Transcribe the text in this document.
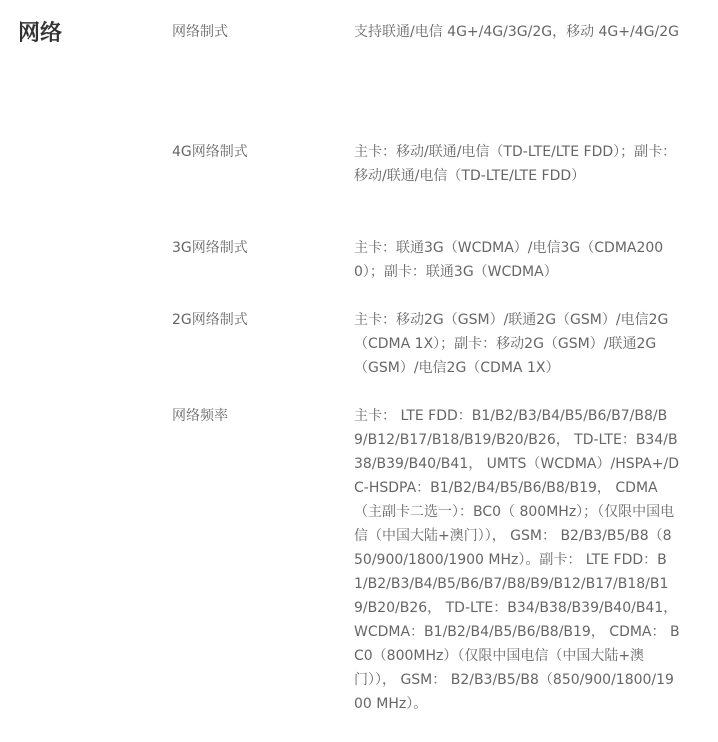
网络	网络制式	支持联通/电信 4G+/4G/3G/2G，移动 4G+/4G/2G
4G网络制式	主卡：移动/联通/电信（TD-LTE/LTE FDD）；副卡：移动/联通/电信（TD-LTE/LTE FDD）
3G网络制式	主卡：联通3G（WCDMA）/电信3G（CDMA2000）；副卡：联通3G（WCDMA）
2G网络制式	主卡：移动2G（GSM）/联通2G（GSM）/电信2G（CDMA 1X）；副卡：移动2G（GSM）/联通2G（GSM）/电信2G（CDMA 1X）
网络频率	主卡： LTE FDD：B1/B2/B3/B4/B5/B6/B7/B8/B9/B12/B17/B18/B19/B20/B26， TD-LTE：B34/B38/B39/B40/B41， UMTS（WCDMA）/HSPA+/DC-HSDPA：B1/B2/B4/B5/B6/B8/B19， CDMA（主副卡二选一）：BC0（ 800MHz）；（仅限中国电信（中国大陆+澳门））， GSM： B2/B3/B5/B8（850/900/1800/1900 MHz）。副卡： LTE FDD：B1/B2/B3/B4/B5/B6/B7/B8/B9/B12/B17/B18/B19/B20/B26， TD-LTE：B34/B38/B39/B40/B41， WCDMA：B1/B2/B4/B5/B6/B8/B19， CDMA： BC0（800MHz）（仅限中国电信（中国大陆+澳门））， GSM： B2/B3/B5/B8（850/900/1800/1900 MHz）。
